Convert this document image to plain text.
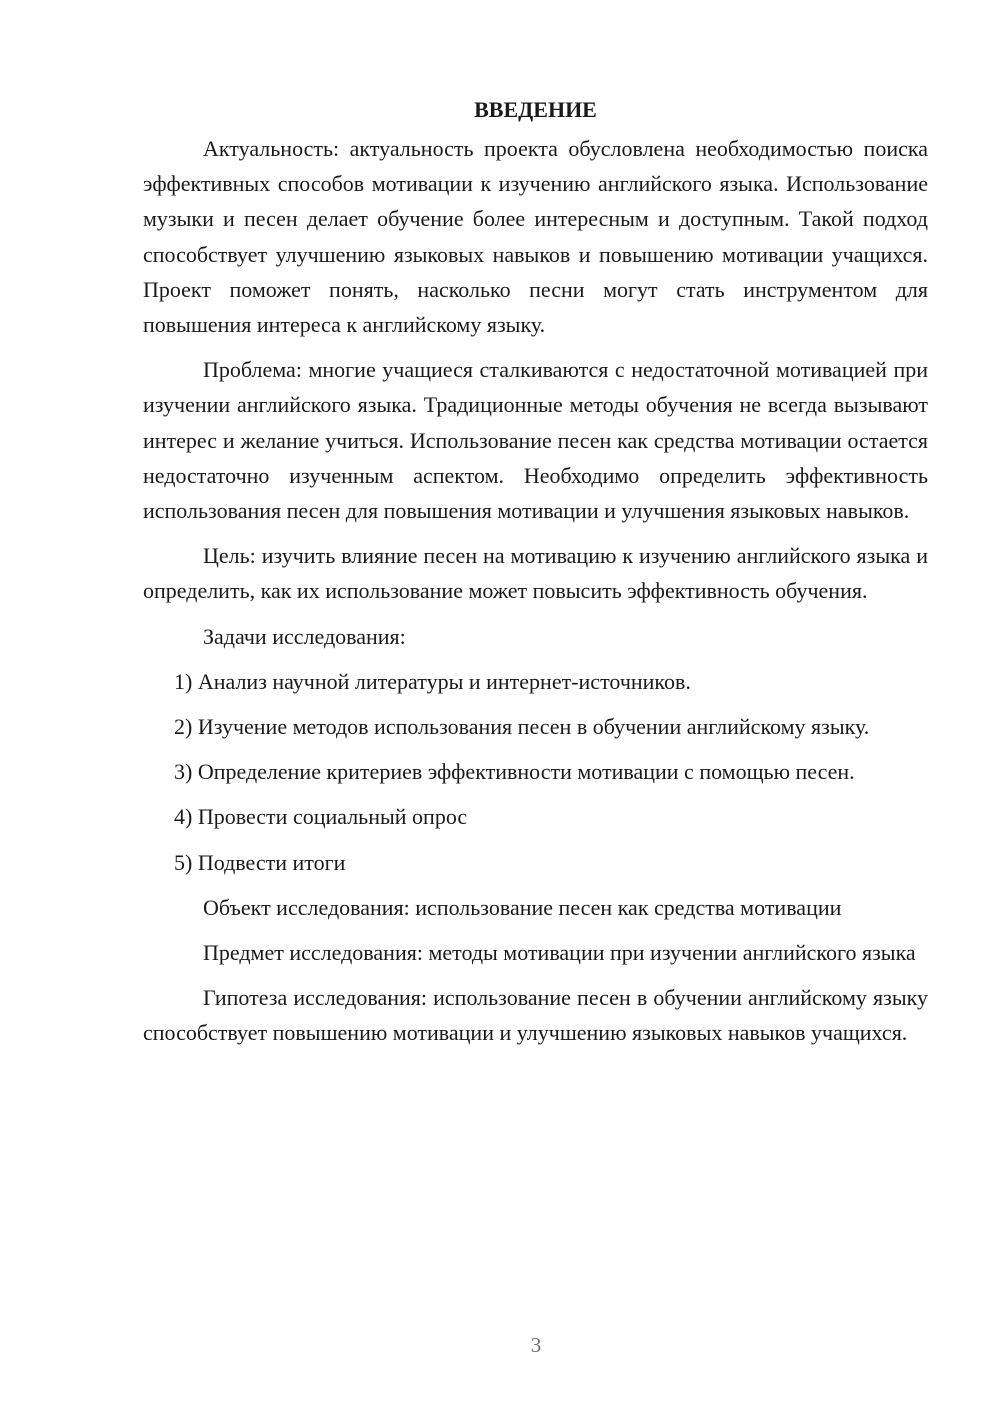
ВВЕДЕНИЕ

Актуальность: актуальность проекта обусловлена необходимостью поиска эффективных способов мотивации к изучению английского языка. Использование музыки и песен делает обучение более интересным и доступным. Такой подход способствует улучшению языковых навыков и повышению мотивации учащихся. Проект поможет понять, насколько песни могут стать инструментом для повышения интереса к английскому языку.

Проблема: многие учащиеся сталкиваются с недостаточной мотивацией при изучении английского языка. Традиционные методы обучения не всегда вызывают интерес и желание учиться. Использование песен как средства мотивации остается недостаточно изученным аспектом. Необходимо определить эффективность использования песен для повышения мотивации и улучшения языковых навыков.

Цель: изучить влияние песен на мотивацию к изучению английского языка и определить, как их использование может повысить эффективность обучения.

Задачи исследования:

1) Анализ научной литературы и интернет-источников.

2) Изучение методов использования песен в обучении английскому языку.

3) Определение критериев эффективности мотивации с помощью песен.

4) Провести социальный опрос

5) Подвести итоги

Объект исследования: использование песен как средства мотивации

Предмет исследования: методы мотивации при изучении английского языка

Гипотеза исследования: использование песен в обучении английскому языку способствует повышению мотивации и улучшению языковых навыков учащихся.

3
